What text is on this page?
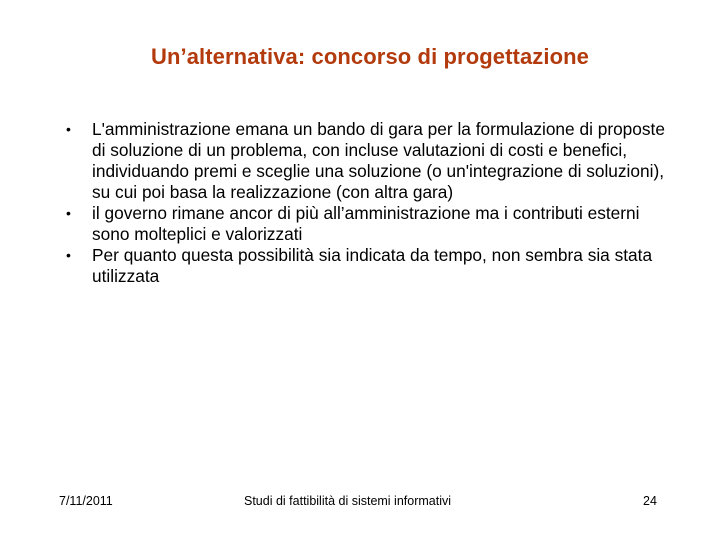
Un’alternativa: concorso di progettazione
•	L'amministrazione emana un bando di gara per la formulazione di proposte di soluzione di un problema, con incluse valutazioni di costi e benefici, individuando premi e sceglie una soluzione (o un'integrazione di soluzioni), su cui poi basa la realizzazione (con altra gara)
•	il governo rimane ancor di più all’amministrazione ma i contributi esterni sono molteplici e valorizzati
•	Per quanto questa possibilità sia indicata da tempo, non sembra sia stata utilizzata
7/11/2011	Studi di fattibilità di sistemi informativi	24
